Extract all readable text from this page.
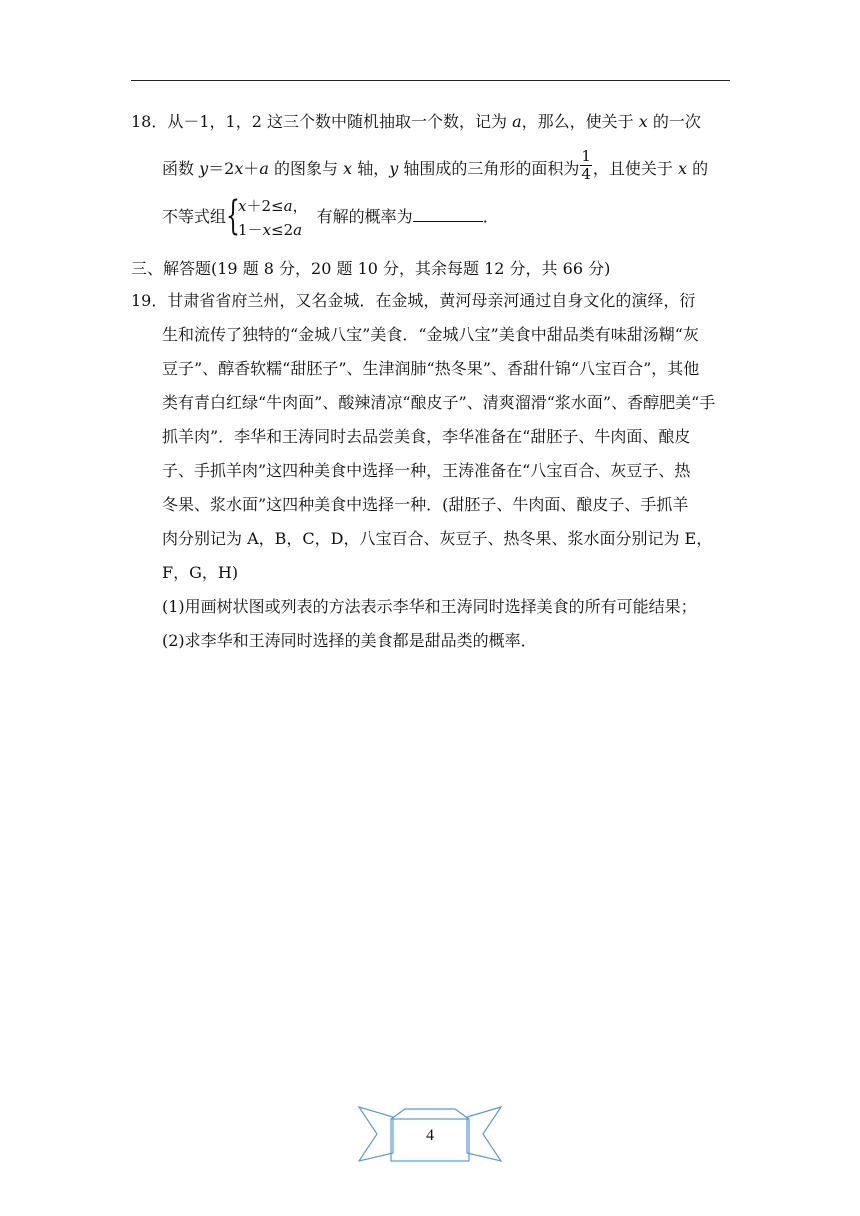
18．从－1，1，2 这三个数中随机抽取一个数，记为 a，那么，使关于 x 的一次
函数 y＝2x＋a 的图象与 x 轴，y 轴围成的三角形的面积为 $\frac{1}{4}$ ，且使关于 x 的
不等式组{
x＋2≤a，
1－x≤2a
有解的概率为	．
三、解答题(19 题 8 分，20 题 10 分，其余每题 12 分，共 66 分)
19．甘肃省省府兰州，又名金城．在金城，黄河母亲河通过自身文化的演绎，衍
生和流传了独特的“金城八宝”美食．“金城八宝”美食中甜品类有味甜汤糊“灰
豆子”、醇香软糯“甜胚子”、生津润肺“热冬果”、香甜什锦“八宝百合”，其他
类有青白红绿“牛肉面”、酸辣清凉“酿皮子”、清爽溜滑“浆水面”、香醇肥美“手
抓羊肉”．李华和王涛同时去品尝美食，李华准备在“甜胚子、牛肉面、酿皮
子、手抓羊肉”这四种美食中选择一种，王涛准备在“八宝百合、灰豆子、热
冬果、浆水面”这四种美食中选择一种．(甜胚子、牛肉面、酿皮子、手抓羊
肉分别记为 A，B，C，D，八宝百合、灰豆子、热冬果、浆水面分别记为 E，
F，G，H)
(1)用画树状图或列表的方法表示李华和王涛同时选择美食的所有可能结果；
(2)求李华和王涛同时选择的美食都是甜品类的概率．
4
